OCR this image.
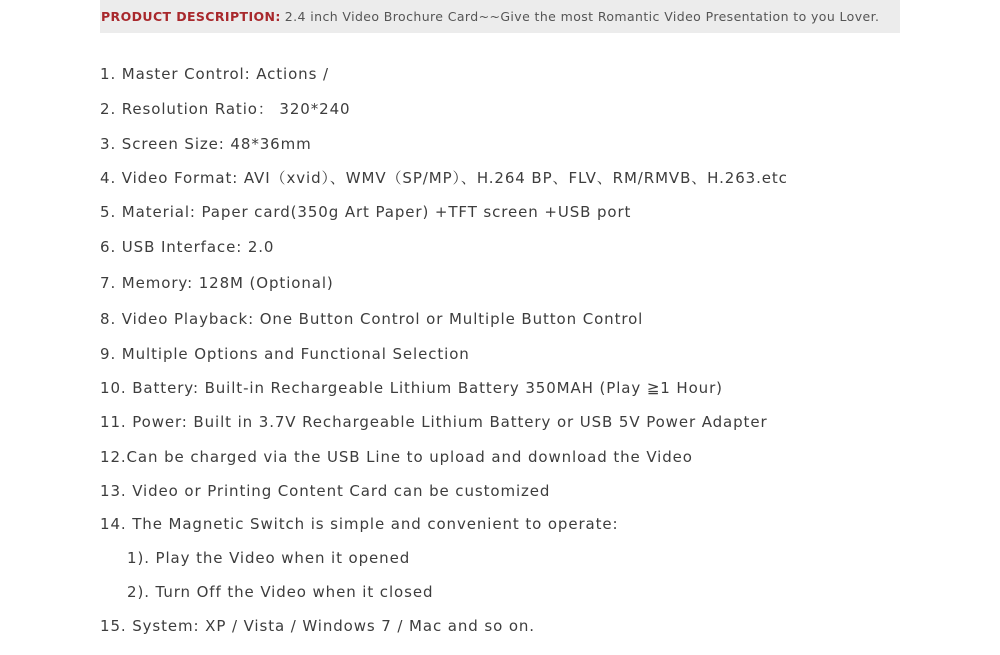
PRODUCT DESCRIPTION: 2.4 inch Video Brochure Card~~Give the most Romantic Video Presentation to you Lover.
1. Master Control: Actions /
2. Resolution Ratio： 320*240
3. Screen Size: 48*36mm
4. Video Format: AVI（xvid）、WMV（SP/MP）、H.264 BP、FLV、RM/RMVB、H.263.etc
5. Material: Paper card(350g Art Paper) +TFT screen +USB port
6. USB Interface: 2.0
7. Memory: 128M (Optional)
8. Video Playback: One Button Control or Multiple Button Control
9. Multiple Options and Functional Selection
10. Battery: Built-in Rechargeable Lithium Battery 350MAH (Play ≧1 Hour)
11. Power: Built in 3.7V Rechargeable Lithium Battery or USB 5V Power Adapter
12.Can be charged via the USB Line to upload and download the Video
13. Video or Printing Content Card can be customized
14. The Magnetic Switch is simple and convenient to operate:
1). Play the Video when it opened
2). Turn Off the Video when it closed
15. System: XP / Vista / Windows 7 / Mac and so on.
